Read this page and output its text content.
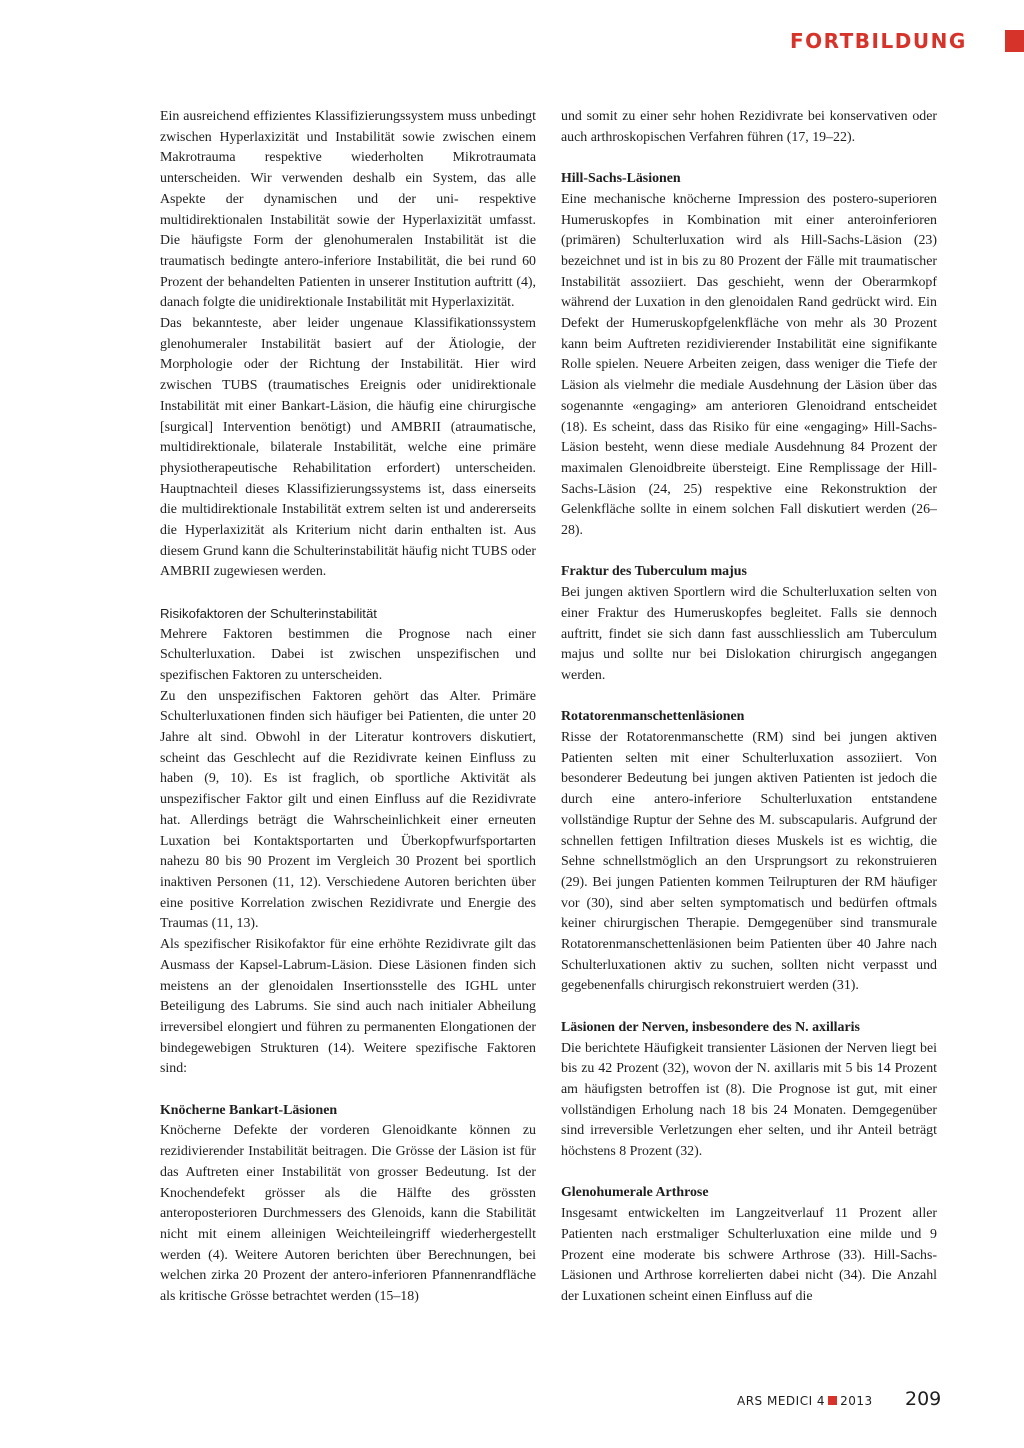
FORTBILDUNG

Ein ausreichend effizientes Klassifizierungssystem muss unbedingt zwischen Hyperlaxizität und Instabilität sowie zwischen einem Makrotrauma respektive wiederholten Mikrotraumata unterscheiden. Wir verwenden deshalb ein System, das alle Aspekte der dynamischen und der uni- respektive multidirektionalen Instabilität sowie der Hyperlaxizität umfasst. Die häufigste Form der glenohumeralen Instabilität ist die traumatisch bedingte antero-inferiore Instabilität, die bei rund 60 Prozent der behandelten Patienten in unserer Institution auftritt (4), danach folgte die unidirektionale Instabilität mit Hyperlaxizität.

Das bekannteste, aber leider ungenaue Klassifikationssystem glenohumeraler Instabilität basiert auf der Ätiologie, der Morphologie oder der Richtung der Instabilität. Hier wird zwischen TUBS (traumatisches Ereignis oder unidirektionale Instabilität mit einer Bankart-Läsion, die häufig eine chirurgische [surgical] Intervention benötigt) und AMBRII (atraumatische, multidirektionale, bilaterale Instabilität, welche eine primäre physiotherapeutische Rehabilitation erfordert) unterscheiden. Hauptnachteil dieses Klassifizierungssystems ist, dass einerseits die multidirektionale Instabilität extrem selten ist und andererseits die Hyperlaxizität als Kriterium nicht darin enthalten ist. Aus diesem Grund kann die Schulterinstabilität häufig nicht TUBS oder AMBRII zugewiesen werden.

Risikofaktoren der Schulterinstabilität

Mehrere Faktoren bestimmen die Prognose nach einer Schulterluxation. Dabei ist zwischen unspezifischen und spezifischen Faktoren zu unterscheiden.

Zu den unspezifischen Faktoren gehört das Alter. Primäre Schulterluxationen finden sich häufiger bei Patienten, die unter 20 Jahre alt sind. Obwohl in der Literatur kontrovers diskutiert, scheint das Geschlecht auf die Rezidivrate keinen Einfluss zu haben (9, 10). Es ist fraglich, ob sportliche Aktivität als unspezifischer Faktor gilt und einen Einfluss auf die Rezidivrate hat. Allerdings beträgt die Wahrscheinlichkeit einer erneuten Luxation bei Kontaktsportarten und Überkopfwurfsportarten nahezu 80 bis 90 Prozent im Vergleich 30 Prozent bei sportlich inaktiven Personen (11, 12). Verschiedene Autoren berichten über eine positive Korrelation zwischen Rezidivrate und Energie des Traumas (11, 13).

Als spezifischer Risikofaktor für eine erhöhte Rezidivrate gilt das Ausmass der Kapsel-Labrum-Läsion. Diese Läsionen finden sich meistens an der glenoidalen Insertionsstelle des IGHL unter Beteiligung des Labrums. Sie sind auch nach initialer Abheilung irreversibel elongiert und führen zu permanenten Elongationen der bindegewebigen Strukturen (14). Weitere spezifische Faktoren sind:

Knöcherne Bankart-Läsionen

Knöcherne Defekte der vorderen Glenoidkante können zu rezidivierender Instabilität beitragen. Die Grösse der Läsion ist für das Auftreten einer Instabilität von grosser Bedeutung. Ist der Knochendefekt grösser als die Hälfte des grössten anteroposterioren Durchmessers des Glenoids, kann die Stabilität nicht mit einem alleinigen Weichteileingriff wiederhergestellt werden (4). Weitere Autoren berichten über Berechnungen, bei welchen zirka 20 Prozent der antero-inferioren Pfannenrandfläche als kritische Grösse betrachtet werden (15–18)

und somit zu einer sehr hohen Rezidivrate bei konservativen oder auch arthroskopischen Verfahren führen (17, 19–22).

Hill-Sachs-Läsionen

Eine mechanische knöcherne Impression des postero-superioren Humeruskopfes in Kombination mit einer anteroinferioren (primären) Schulterluxation wird als Hill-Sachs-Läsion (23) bezeichnet und ist in bis zu 80 Prozent der Fälle mit traumatischer Instabilität assoziiert. Das geschieht, wenn der Oberarmkopf während der Luxation in den glenoidalen Rand gedrückt wird. Ein Defekt der Humeruskopfgelenkfläche von mehr als 30 Prozent kann beim Auftreten rezidivierender Instabilität eine signifikante Rolle spielen. Neuere Arbeiten zeigen, dass weniger die Tiefe der Läsion als vielmehr die mediale Ausdehnung der Läsion über das sogenannte «engaging» am anterioren Glenoidrand entscheidet (18). Es scheint, dass das Risiko für eine «engaging» Hill-Sachs-Läsion besteht, wenn diese mediale Ausdehnung 84 Prozent der maximalen Glenoidbreite übersteigt. Eine Remplissage der Hill-Sachs-Läsion (24, 25) respektive eine Rekonstruktion der Gelenkfläche sollte in einem solchen Fall diskutiert werden (26–28).

Fraktur des Tuberculum majus

Bei jungen aktiven Sportlern wird die Schulterluxation selten von einer Fraktur des Humeruskopfes begleitet. Falls sie dennoch auftritt, findet sie sich dann fast ausschliesslich am Tuberculum majus und sollte nur bei Dislokation chirurgisch angegangen werden.

Rotatorenmanschettenläsionen

Risse der Rotatorenmanschette (RM) sind bei jungen aktiven Patienten selten mit einer Schulterluxation assoziiert. Von besonderer Bedeutung bei jungen aktiven Patienten ist jedoch die durch eine antero-inferiore Schulterluxation entstandene vollständige Ruptur der Sehne des M. subscapularis. Aufgrund der schnellen fettigen Infiltration dieses Muskels ist es wichtig, die Sehne schnellstmöglich an den Ursprungsort zu rekonstruieren (29). Bei jungen Patienten kommen Teilrupturen der RM häufiger vor (30), sind aber selten symptomatisch und bedürfen oftmals keiner chirurgischen Therapie. Demgegenüber sind transmurale Rotatorenmanschettenläsionen beim Patienten über 40 Jahre nach Schulterluxationen aktiv zu suchen, sollten nicht verpasst und gegebenenfalls chirurgisch rekonstruiert werden (31).

Läsionen der Nerven, insbesondere des N. axillaris

Die berichtete Häufigkeit transienter Läsionen der Nerven liegt bei bis zu 42 Prozent (32), wovon der N. axillaris mit 5 bis 14 Prozent am häufigsten betroffen ist (8). Die Prognose ist gut, mit einer vollständigen Erholung nach 18 bis 24 Monaten. Demgegenüber sind irreversible Verletzungen eher selten, und ihr Anteil beträgt höchstens 8 Prozent (32).

Glenohumerale Arthrose

Insgesamt entwickelten im Langzeitverlauf 11 Prozent aller Patienten nach erstmaliger Schulterluxation eine milde und 9 Prozent eine moderate bis schwere Arthrose (33). Hill-Sachs-Läsionen und Arthrose korrelierten dabei nicht (34). Die Anzahl der Luxationen scheint einen Einfluss auf die

ARS MEDICI 4 2013 209
